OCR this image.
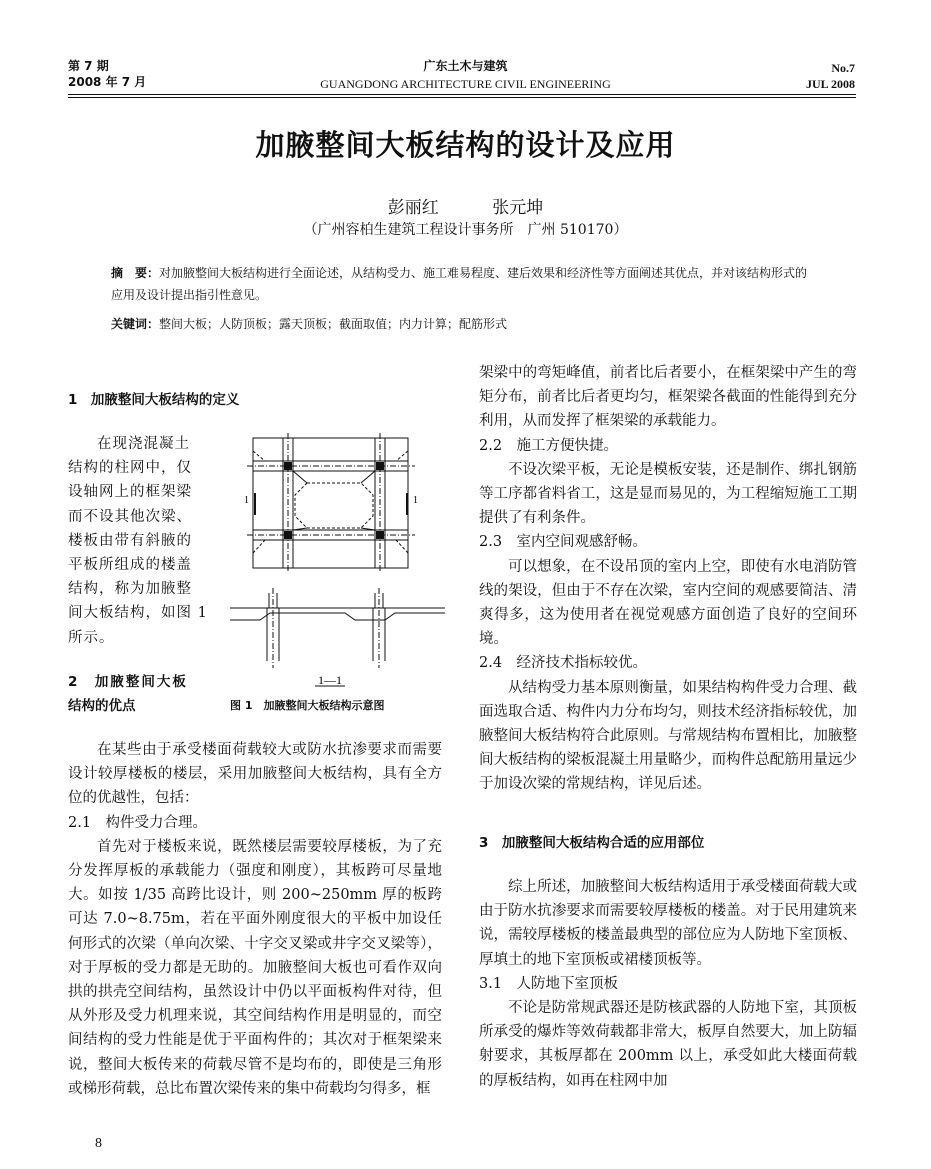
第 7 期
2008 年 7 月
广东土木与建筑
GUANGDONG ARCHITECTURE CIVIL ENGINEERING
No.7
JUL 2008
加腋整间大板结构的设计及应用
彭丽红	张元坤
（广州容柏生建筑工程设计事务所　广州 510170）
摘　要：对加腋整间大板结构进行全面论述，从结构受力、施工难易程度、建后效果和经济性等方面阐述其优点，并对该结构形式的应用及设计提出指引性意见。
关键词：整间大板；人防顶板；露天顶板；截面取值；内力计算；配筋形式
1　加腋整间大板结构的定义
在现浇混凝土
结构的柱网中，仅
设轴网上的框架梁
而不设其他次梁、
楼板由带有斜腋的
平板所组成的楼盖
结构，称为加腋整
间大板结构，如图 1
所示。
1	1
1—1
图 1　加腋整间大板结构示意图
2　加腋整间大板
结构的优点

在某些由于承受楼面荷载较大或防水抗渗要求而需要设计较厚楼板的楼层，采用加腋整间大板结构，具有全方位的优越性，包括：

2.1　构件受力合理。

首先对于楼板来说，既然楼层需要较厚楼板，为了充分发挥厚板的承载能力（强度和刚度），其板跨可尽量地大。如按 1/35 高跨比设计，则 200~250mm 厚的板跨可达 7.0~8.75m，若在平面外刚度很大的平板中加设任何形式的次梁（单向次梁、十字交叉梁或井字交叉梁等），对于厚板的受力都是无助的。加腋整间大板也可看作双向拱的拱壳空间结构，虽然设计中仍以平面板构件对待，但从外形及受力机理来说，其空间结构作用是明显的，而空间结构的受力性能是优于平面构件的；其次对于框架梁来说，整间大板传来的荷载尽管不是均布的，即使是三角形或梯形荷载，总比布置次梁传来的集中荷载均匀得多，框

8

架梁中的弯矩峰值，前者比后者要小，在框架梁中产生的弯矩分布，前者比后者更均匀，框架梁各截面的性能得到充分利用，从而发挥了框架梁的承载能力。

2.2　施工方便快捷。

不设次梁平板，无论是模板安装，还是制作、绑扎钢筋等工序都省料省工，这是显而易见的，为工程缩短施工工期提供了有利条件。

2.3　室内空间观感舒畅。

可以想象，在不设吊顶的室内上空，即使有水电消防管线的架设，但由于不存在次梁，室内空间的观感要简洁、清爽得多，这为使用者在视觉观感方面创造了良好的空间环境。

2.4　经济技术指标较优。

从结构受力基本原则衡量，如果结构构件受力合理、截面选取合适、构件内力分布均匀，则技术经济指标较优，加腋整间大板结构符合此原则。与常规结构布置相比，加腋整间大板结构的梁板混凝土用量略少，而构件总配筋用量远少于加设次梁的常规结构，详见后述。

3　加腋整间大板结构合适的应用部位

综上所述，加腋整间大板结构适用于承受楼面荷载大或由于防水抗渗要求而需要较厚楼板的楼盖。对于民用建筑来说，需较厚楼板的楼盖最典型的部位应为人防地下室顶板、厚填土的地下室顶板或裙楼顶板等。

3.1　人防地下室顶板

不论是防常规武器还是防核武器的人防地下室，其顶板所承受的爆炸等效荷载都非常大，板厚自然要大，加上防辐射要求，其板厚都在 200mm 以上，承受如此大楼面荷载的厚板结构，如再在柱网中加
